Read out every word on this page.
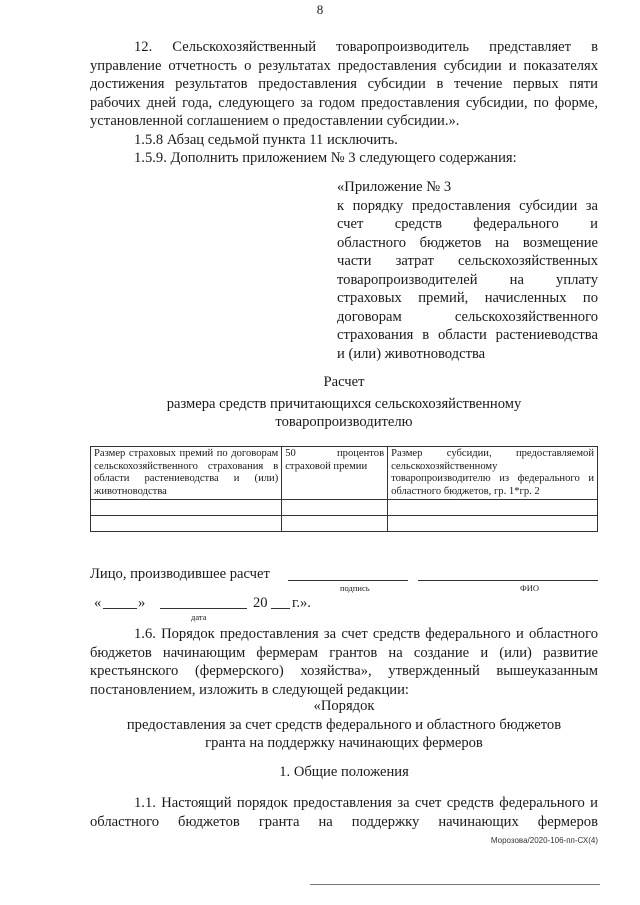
8

12. Сельскохозяйственный товаропроизводитель представляет в управление отчетность о результатах предоставления субсидии и показателях достижения результатов предоставления субсидии в течение первых пяти рабочих дней года, следующего за годом предоставления субсидии, по форме, установленной соглашением о предоставлении субсидии.».

1.5.8 Абзац седьмой пункта 11 исключить.

1.5.9. Дополнить приложением № 3 следующего содержания:

«Приложение № 3
к порядку предоставления субсидии за
счет средств федерального и
областного бюджетов на возмещение
части затрат сельскохозяйственных
товаропроизводителей на уплату
страховых премий, начисленных по
договорам сельскохозяйственного
страхования в области растениеводства
и (или) животноводства
Расчет
размера средств причитающихся сельскохозяйственному
товаропроизводителю
Размер страховых премий по договорам сельскохозяйственного страхования в области растениеводства и (или) животноводства	50 процентов страховой премии	Размер субсидии, предоставляемой сельскохозяйственному товаропроизводителю из федерального и областного бюджетов, гр. 1*гр. 2

Лицо, производившее расчет
подпись	ФИО
«	»	20 г.».
дата

1.6. Порядок предоставления за счет средств федерального и областного бюджетов начинающим фермерам грантов на создание и (или) развитие крестьянского (фермерского) хозяйства», утвержденный вышеуказанным постановлением, изложить в следующей редакции:

«Порядок
предоставления за счет средств федерального и областного бюджетов
гранта на поддержку начинающих фермеров
1. Общие положения

1.1. Настоящий порядок предоставления за счет средств федерального и областного бюджетов гранта на поддержку начинающих фермеров

Морозова/2020-106-пп-СХ(4)
